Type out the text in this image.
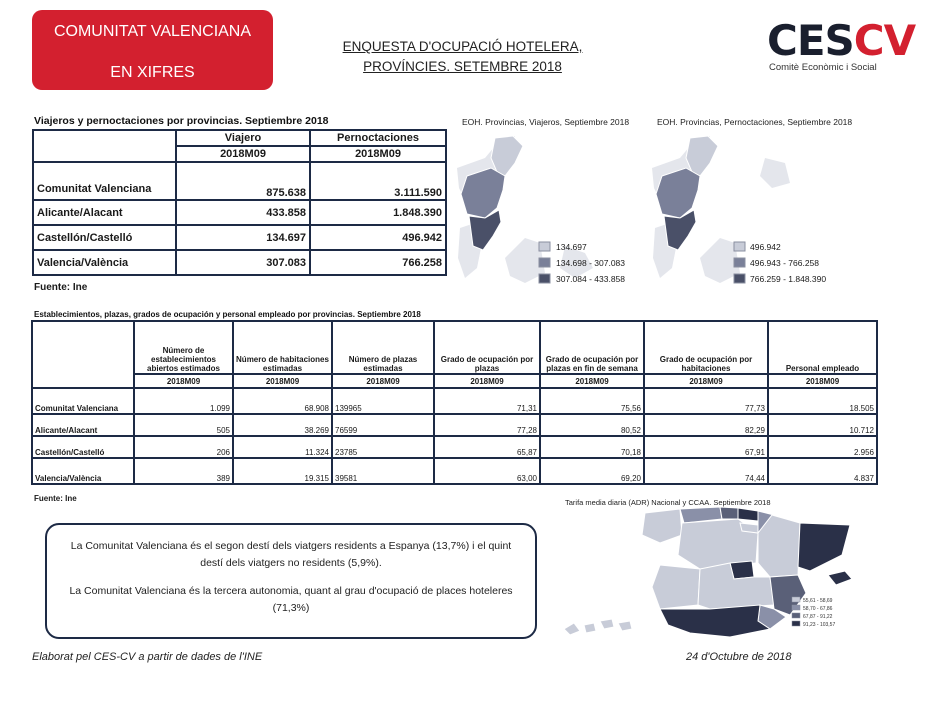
COMUNITAT VALENCIANA
EN XIFRES
ENQUESTA D'OCUPACIÓ HOTELERA,
PROVÍNCIES. SETEMBRE 2018
CESCV
Comitè Econòmic i Social
Viajeros y pernoctaciones por provincias. Septiembre 2018
	Viajero	Pernoctaciones
	2018M09	2018M09
Comunitat Valenciana	875.638	3.111.590
Alicante/Alacant	433.858	1.848.390
Castellón/Castelló	134.697	496.942
Valencia/València	307.083	766.258
Fuente: Ine
EOH. Provincias, Viajeros, Septiembre 2018
134.697
134.698 - 307.083
307.084 - 433.858
EOH. Provincias, Pernoctaciones, Septiembre 2018
496.942
496.943 - 766.258
766.259 - 1.848.390
Establecimientos, plazas, grados de ocupación y personal empleado por provincias. Septiembre 2018
	Número de establecimientos abiertos estimados	Número de habitaciones estimadas	Número de plazas estimadas	Grado de ocupación por plazas	Grado de ocupación por plazas en fin de semana	Grado de ocupación por habitaciones	Personal empleado
	2018M09	2018M09	2018M09	2018M09	2018M09	2018M09	2018M09
Comunitat Valenciana	1.099	68.908	139965	71,31	75,56	77,73	18.505
Alicante/Alacant	505	38.269	76599	77,28	80,52	82,29	10.712
Castellón/Castelló	206	11.324	23785	65,87	70,18	67,91	2.956
Valencia/València	389	19.315	39581	63,00	69,20	74,44	4.837
Fuente: Ine

La Comunitat Valenciana és el segon destí dels viatgers residents a Espanya (13,7%) i el quint destí dels viatgers no residents (5,9%).

La Comunitat Valenciana és la tercera autonomia, quant al grau d'ocupació de places hoteleres (71,3%)

Tarifa media diaria (ADR) Nacional y CCAA. Septiembre 2018
55,61 - 58,69
58,70 - 67,86
67,87 - 91,22
91,23 - 103,57
Elaborat pel CES-CV a partir de dades de l'INE	24 d'Octubre de 2018
